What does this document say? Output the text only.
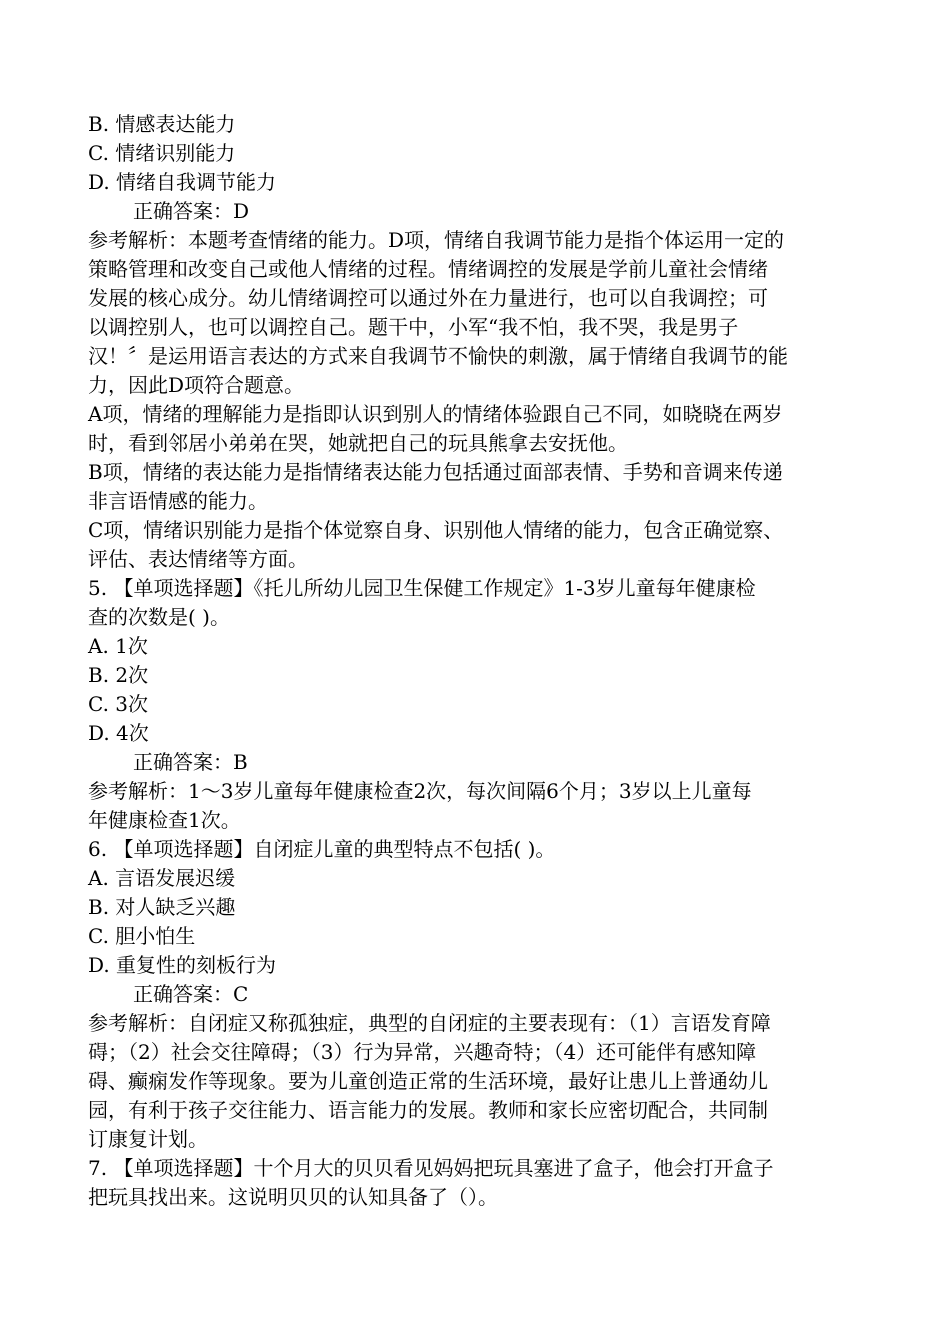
B. 情感表达能力
C. 情绪识别能力
D. 情绪自我调节能力
正确答案：D
参考解析：本题考查情绪的能力。D项，情绪自我调节能力是指个体运用一定的
策略管理和改变自己或他人情绪的过程。情绪调控的发展是学前儿童社会情绪
发展的核心成分。幼儿情绪调控可以通过外在力量进行，也可以自我调控；可
以调控别人，也可以调控自己。题干中，小军“我不怕，我不哭，我是男子
汉！〞是运用语言表达的方式来自我调节不愉快的刺激，属于情绪自我调节的能
力，因此D项符合题意。
A项，情绪的理解能力是指即认识到别人的情绪体验跟自己不同，如晓晓在两岁
时，看到邻居小弟弟在哭，她就把自己的玩具熊拿去安抚他。
B项，情绪的表达能力是指情绪表达能力包括通过面部表情、手势和音调来传递
非言语情感的能力。
C项，情绪识别能力是指个体觉察自身、识别他人情绪的能力，包含正确觉察、
评估、表达情绪等方面。
5. 【单项选择题】《托儿所幼儿园卫生保健工作规定》1-3岁儿童每年健康检
查的次数是( )。
A. 1次
B. 2次
C. 3次
D. 4次
正确答案：B
参考解析：1～3岁儿童每年健康检查2次，每次间隔6个月；3岁以上儿童每
年健康检查1次。
6. 【单项选择题】自闭症儿童的典型特点不包括( )。
A. 言语发展迟缓
B. 对人缺乏兴趣
C. 胆小怕生
D. 重复性的刻板行为
正确答案：C
参考解析：自闭症又称孤独症，典型的自闭症的主要表现有：（1）言语发育障
碍；（2）社会交往障碍；（3）行为异常，兴趣奇特；（4）还可能伴有感知障
碍、癫痫发作等现象。要为儿童创造正常的生活环境，最好让患儿上普通幼儿
园，有利于孩子交往能力、语言能力的发展。教师和家长应密切配合，共同制
订康复计划。
7. 【单项选择题】十个月大的贝贝看见妈妈把玩具塞进了盒子，他会打开盒子
把玩具找出来。这说明贝贝的认知具备了（）。
